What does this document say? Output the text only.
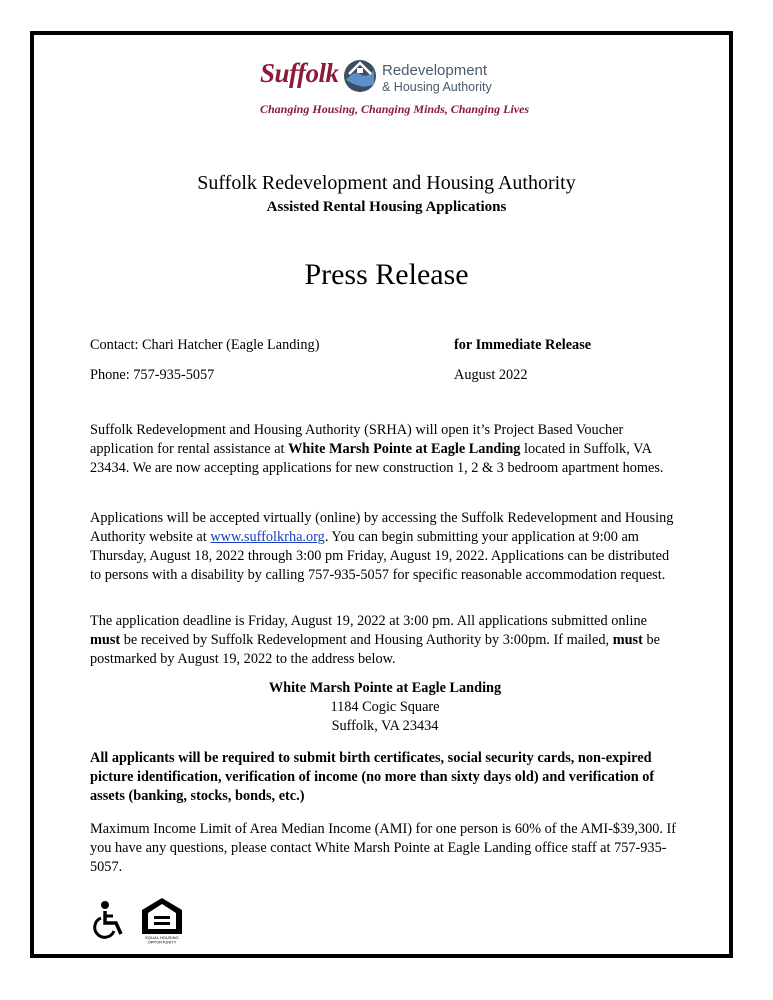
Suffolk	Redevelopment
& Housing Authority
Changing Housing, Changing Minds, Changing Lives
Suffolk Redevelopment and Housing Authority
Assisted Rental Housing Applications
Press Release
Contact: Chari Hatcher (Eagle Landing)	for Immediate Release
Phone: 757-935-5057	August 2022

Suffolk Redevelopment and Housing Authority (SRHA) will open it’s Project Based Voucher application for rental assistance at White Marsh Pointe at Eagle Landing located in Suffolk, VA 23434. We are now accepting applications for new construction 1, 2 & 3 bedroom apartment homes.

Applications will be accepted virtually (online) by accessing the Suffolk Redevelopment and Housing Authority website at www.suffolkrha.org. You can begin submitting your application at 9:00 am Thursday, August 18, 2022 through 3:00 pm Friday, August 19, 2022. Applications can be distributed to persons with a disability by calling 757-935-5057 for specific reasonable accommodation request.

The application deadline is Friday, August 19, 2022 at 3:00 pm. All applications submitted online must be received by Suffolk Redevelopment and Housing Authority by 3:00pm. If mailed, must be postmarked by August 19, 2022 to the address below.

White Marsh Pointe at Eagle Landing

1184 Cogic Square

Suffolk, VA 23434

All applicants will be required to submit birth certificates, social security cards, non-expired picture identification, verification of income (no more than sixty days old) and verification of assets (banking, stocks, bonds, etc.)
Maximum Income Limit of Area Median Income (AMI) for one person is 60% of the AMI-$39,300. If you have any questions, please contact White Marsh Pointe at Eagle Landing office staff at 757-935-5057.
EQUAL HOUSING
OPPORTUNITY
